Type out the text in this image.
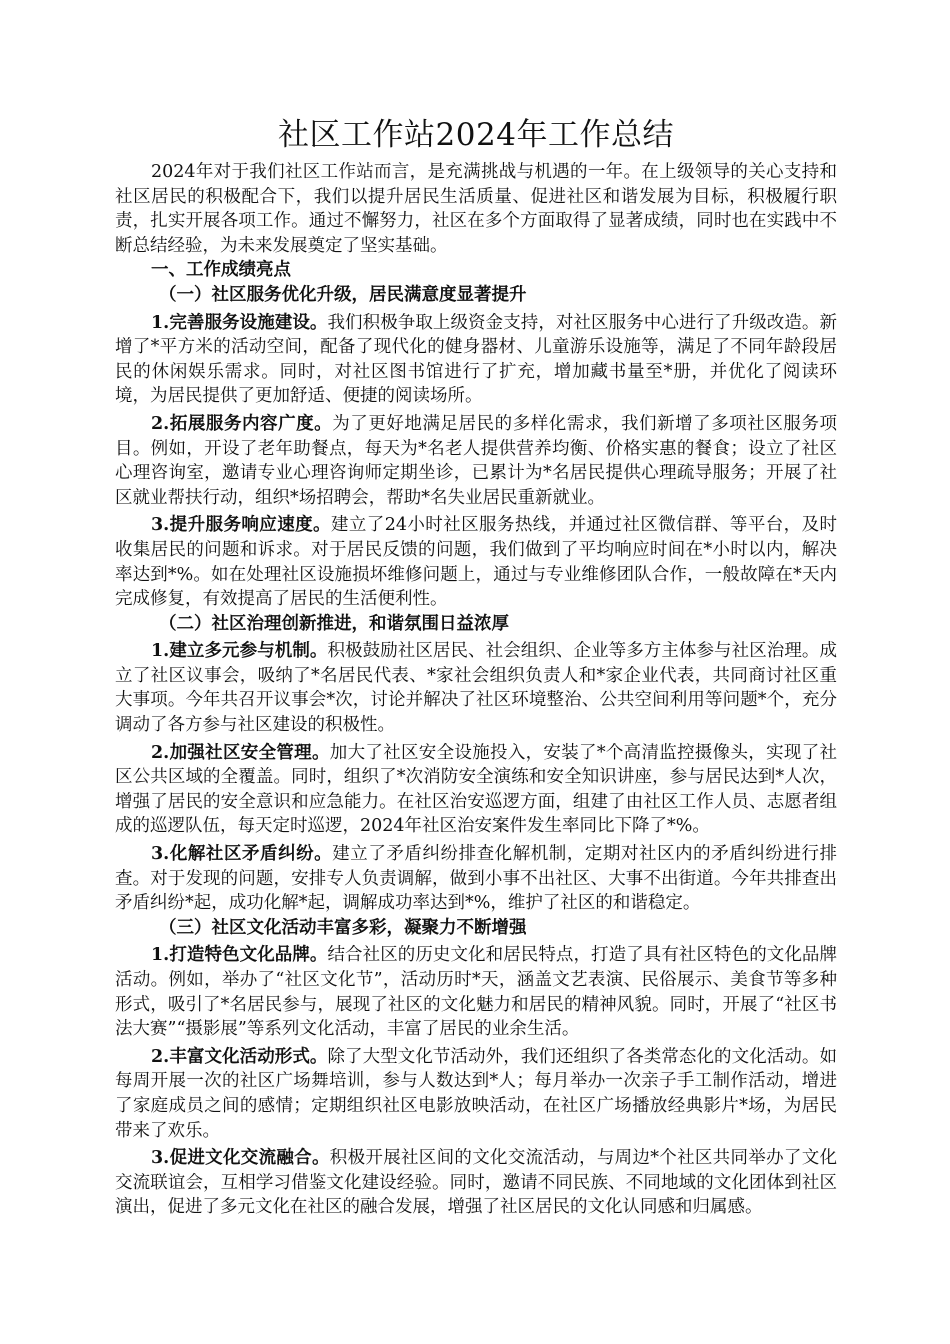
社区工作站2024年工作总结

2024年对于我们社区工作站而言，是充满挑战与机遇的一年。在上级领导的关心支持和社区居民的积极配合下，我们以提升居民生活质量、促进社区和谐发展为目标，积极履行职责，扎实开展各项工作。通过不懈努力，社区在多个方面取得了显著成绩，同时也在实践中不断总结经验，为未来发展奠定了坚实基础。

一、工作成绩亮点

（一）社区服务优化升级，居民满意度显著提升

1.完善服务设施建设。我们积极争取上级资金支持，对社区服务中心进行了升级改造。新增了*平方米的活动空间，配备了现代化的健身器材、儿童游乐设施等，满足了不同年龄段居民的休闲娱乐需求。同时，对社区图书馆进行了扩充，增加藏书量至*册，并优化了阅读环境，为居民提供了更加舒适、便捷的阅读场所。

2.拓展服务内容广度。为了更好地满足居民的多样化需求，我们新增了多项社区服务项目。例如，开设了老年助餐点，每天为*名老人提供营养均衡、价格实惠的餐食；设立了社区心理咨询室，邀请专业心理咨询师定期坐诊，已累计为*名居民提供心理疏导服务；开展了社区就业帮扶行动，组织*场招聘会，帮助*名失业居民重新就业。

3.提升服务响应速度。建立了24小时社区服务热线，并通过社区微信群、等平台，及时收集居民的问题和诉求。对于居民反馈的问题，我们做到了平均响应时间在*小时以内，解决率达到*%。如在处理社区设施损坏维修问题上，通过与专业维修团队合作，一般故障在*天内完成修复，有效提高了居民的生活便利性。

（二）社区治理创新推进，和谐氛围日益浓厚

1.建立多元参与机制。积极鼓励社区居民、社会组织、企业等多方主体参与社区治理。成立了社区议事会，吸纳了*名居民代表、*家社会组织负责人和*家企业代表，共同商讨社区重大事项。今年共召开议事会*次，讨论并解决了社区环境整治、公共空间利用等问题*个，充分调动了各方参与社区建设的积极性。

2.加强社区安全管理。加大了社区安全设施投入，安装了*个高清监控摄像头，实现了社区公共区域的全覆盖。同时，组织了*次消防安全演练和安全知识讲座，参与居民达到*人次，增强了居民的安全意识和应急能力。在社区治安巡逻方面，组建了由社区工作人员、志愿者组成的巡逻队伍，每天定时巡逻，2024年社区治安案件发生率同比下降了*%。

3.化解社区矛盾纠纷。建立了矛盾纠纷排查化解机制，定期对社区内的矛盾纠纷进行排查。对于发现的问题，安排专人负责调解，做到小事不出社区、大事不出街道。今年共排查出矛盾纠纷*起，成功化解*起，调解成功率达到*%，维护了社区的和谐稳定。

（三）社区文化活动丰富多彩，凝聚力不断增强

1.打造特色文化品牌。结合社区的历史文化和居民特点，打造了具有社区特色的文化品牌活动。例如，举办了“社区文化节”，活动历时*天，涵盖文艺表演、民俗展示、美食节等多种形式，吸引了*名居民参与，展现了社区的文化魅力和居民的精神风貌。同时，开展了“社区书法大赛”“摄影展”等系列文化活动，丰富了居民的业余生活。

2.丰富文化活动形式。除了大型文化节活动外，我们还组织了各类常态化的文化活动。如每周开展一次的社区广场舞培训，参与人数达到*人；每月举办一次亲子手工制作活动，增进了家庭成员之间的感情；定期组织社区电影放映活动，在社区广场播放经典影片*场，为居民带来了欢乐。

3.促进文化交流融合。积极开展社区间的文化交流活动，与周边*个社区共同举办了文化交流联谊会，互相学习借鉴文化建设经验。同时，邀请不同民族、不同地域的文化团体到社区演出，促进了多元文化在社区的融合发展，增强了社区居民的文化认同感和归属感。
